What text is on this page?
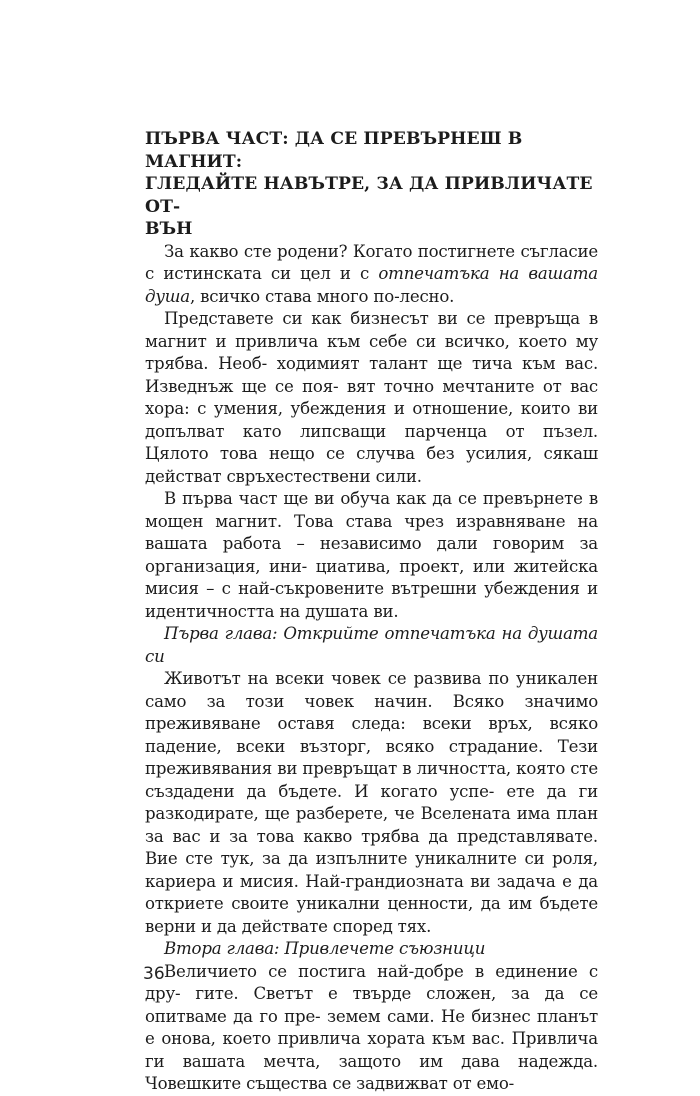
ПЪРВА ЧАСТ: ДА СЕ ПРЕВЪРНЕШ В МАГНИТ:
ГЛЕДАЙТЕ НАВЪТРЕ, ЗА ДА ПРИВЛИЧАТЕ ОТ-
ВЪН

За какво сте родени? Когато постигнете съгласие с истинската си цел и с отпечатъка на вашата душа, всичко става много по-лесно.

Представете си как бизнесът ви се превръща в магнит и привлича към себе си всичко, което му трябва. Необ- ходимият талант ще тича към вас. Изведнъж ще се поя- вят точно мечтаните от вас хора: с умения, убеждения и отношение, които ви допълват като липсващи парченца от пъзел. Цялото това нещо се случва без усилия, сякаш действат свръхестествени сили.

В първа част ще ви обуча как да се превърнете в мощен магнит. Това става чрез изравняване на вашата работа – независимо дали говорим за организация, ини- циатива, проект, или житейска мисия – с най-съкровените вътрешни убеждения и идентичността на душата ви.

Първа глава: Открийте отпечатъка на душата си

Животът на всеки човек се развива по уникален само за този човек начин. Всяко значимо преживяване оставя следа: всеки връх, всяко падение, всеки възторг, всяко страдание. Тези преживявания ви превръщат в личността, която сте създадени да бъдете. И когато успе- ете да ги разкодирате, ще разберете, че Вселената има план за вас и за това какво трябва да представлявате. Вие сте тук, за да изпълните уникалните си роля, кариера и мисия. Най-грандиозната ви задача е да откриете своите уникални ценности, да им бъдете верни и да действате според тях.

Втора глава: Привлечете съюзници

Величието се постига най-добре в единение с дру- гите. Светът е твърде сложен, за да се опитваме да го пре- земем сами. Не бизнес планът е онова, което привлича хората към вас. Привлича ги вашата мечта, защото им дава надежда. Човешките същества се задвижват от емо-

36
